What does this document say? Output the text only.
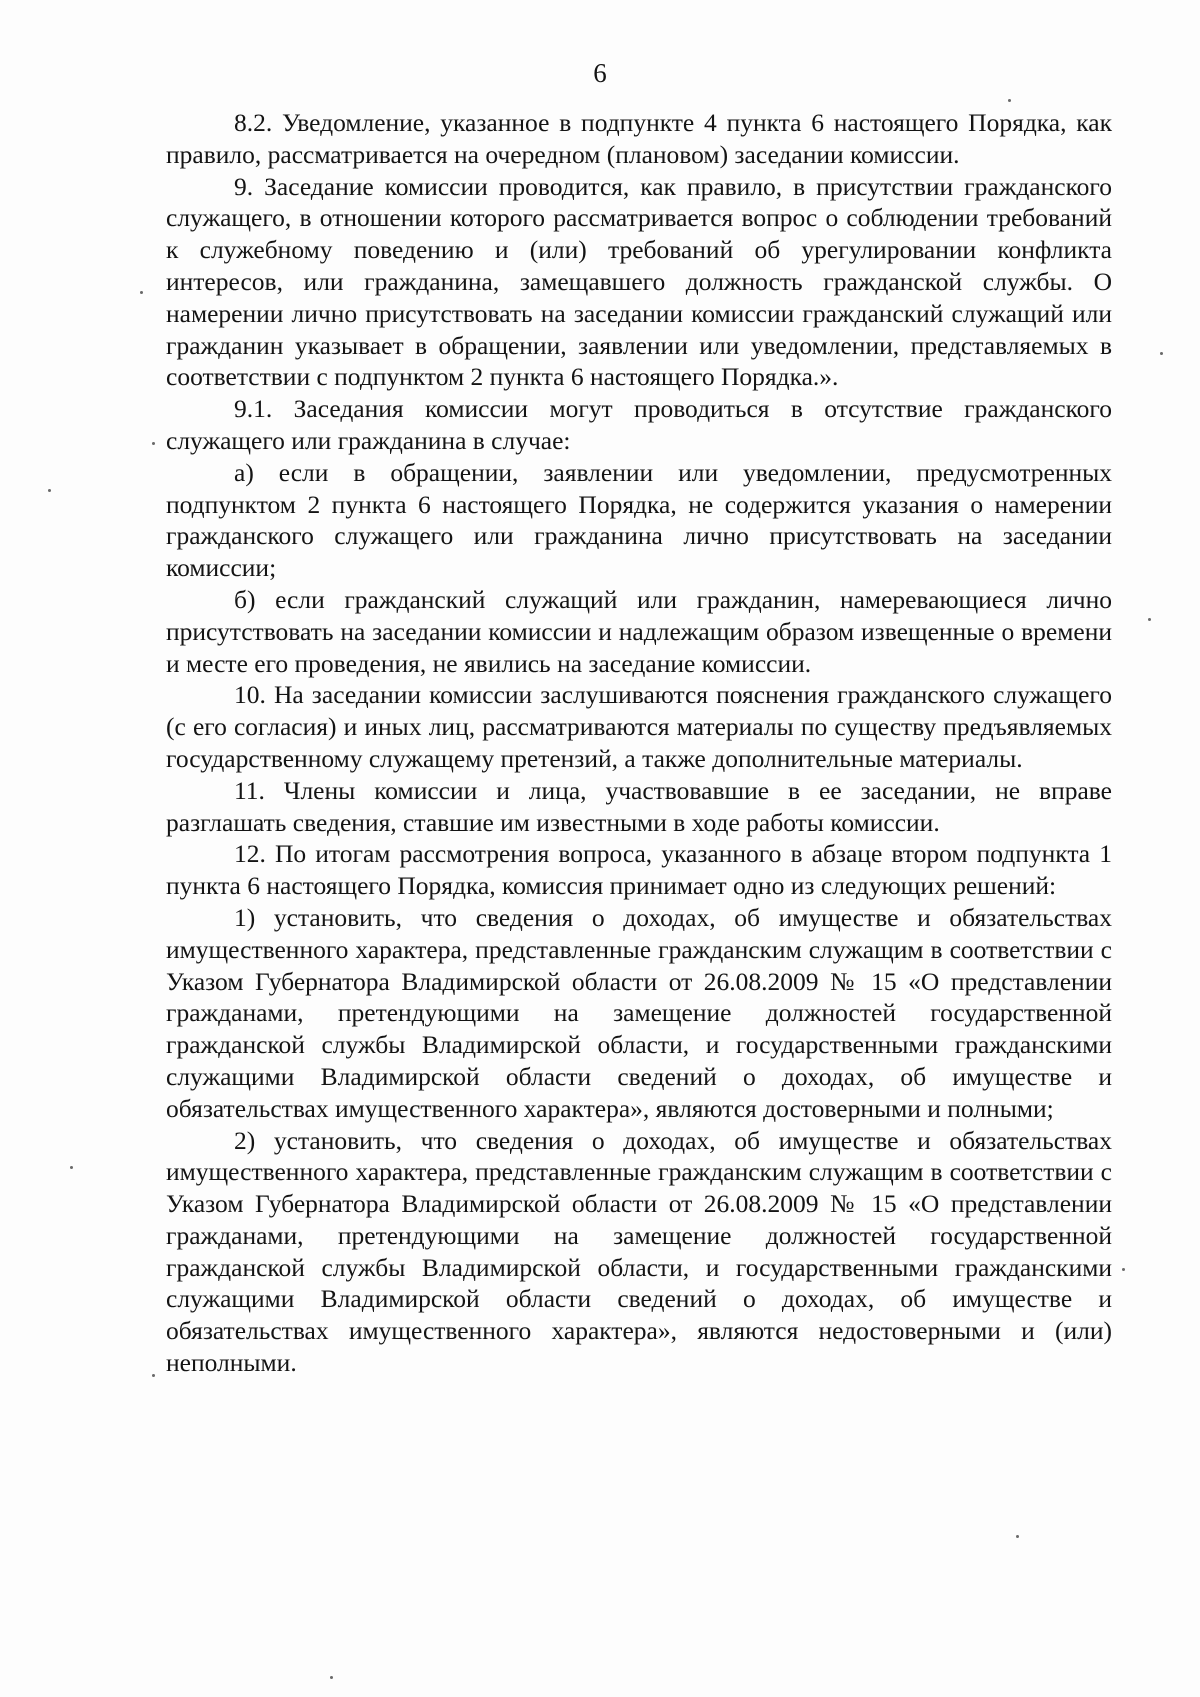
6

8.2. Уведомление, указанное в подпункте 4 пункта 6 настоящего Порядка, как правило, рассматривается на очередном (плановом) заседании комиссии.

9. Заседание комиссии проводится, как правило, в присутствии гражданского служащего, в отношении которого рассматривается вопрос о соблюдении требований к служебному поведению и (или) требований об урегулировании конфликта интересов, или гражданина, замещавшего должность гражданской службы. О намерении лично присутствовать на заседании комиссии гражданский служащий или гражданин указывает в обращении, заявлении или уведомлении, представляемых в соответствии с подпунктом 2 пункта 6 настоящего Порядка.».

9.1. Заседания комиссии могут проводиться в отсутствие гражданского служащего или гражданина в случае:

а) если в обращении, заявлении или уведомлении, предусмотренных подпунктом 2 пункта 6 настоящего Порядка, не содержится указания о намерении гражданского служащего или гражданина лично присутствовать на заседании комиссии;

б) если гражданский служащий или гражданин, намеревающиеся лично присутствовать на заседании комиссии и надлежащим образом извещенные о времени и месте его проведения, не явились на заседание комиссии.

10. На заседании комиссии заслушиваются пояснения гражданского служащего (с его согласия) и иных лиц, рассматриваются материалы по существу предъявляемых государственному служащему претензий, а также дополнительные материалы.

11. Члены комиссии и лица, участвовавшие в ее заседании, не вправе разглашать сведения, ставшие им известными в ходе работы комиссии.

12. По итогам рассмотрения вопроса, указанного в абзаце втором подпункта 1 пункта 6 настоящего Порядка, комиссия принимает одно из следующих решений:

1) установить, что сведения о доходах, об имуществе и обязательствах имущественного характера, представленные гражданским служащим в соответствии с Указом Губернатора Владимирской области от 26.08.2009 № 15 «О представлении гражданами, претендующими на замещение должностей государственной гражданской службы Владимирской области, и государственными гражданскими служащими Владимирской области сведений о доходах, об имуществе и обязательствах имущественного характера», являются достоверными и полными;

2) установить, что сведения о доходах, об имуществе и обязательствах имущественного характера, представленные гражданским служащим в соответствии с Указом Губернатора Владимирской области от 26.08.2009 № 15 «О представлении гражданами, претендующими на замещение должностей государственной гражданской службы Владимирской области, и государственными гражданскими служащими Владимирской области сведений о доходах, об имуществе и обязательствах имущественного характера», являются недостоверными и (или) неполными.
